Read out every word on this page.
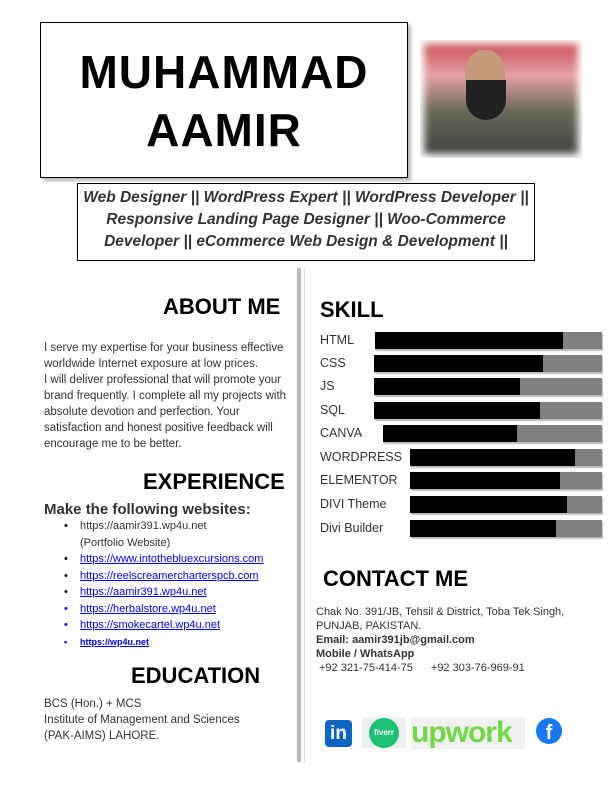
MUHAMMAD
AAMIR
Web Designer || WordPress Expert || WordPress Developer || Responsive Landing Page Designer || Woo-Commerce Developer || eCommerce Web Design & Development ||
ABOUT ME
I serve my expertise for your business effective worldwide Internet exposure at low prices.
I will deliver professional that will promote your brand frequently. I complete all my projects with absolute devotion and perfection. Your satisfaction and honest positive feedback will encourage me to be better.
EXPERIENCE
Make the following websites:
• https://aamir391.wp4u.net
(Portfolio Website)
• https://www.intothebluexcursions.com
• https://reelscreamercharterspcb.com
• https://aamir391.wp4u.net
• https://herbalstore.wp4u.net
• https://smokecartel.wp4u.net
• https://wp4u.net
EDUCATION
BCS (Hon.) + MCS
Institute of Management and Sciences
(PAK-AIMS) LAHORE.
SKILL
HTML
CSS
JS
SQL
CANVA
WORDPRESS
ELEMENTOR
DIVI Theme
Divi Builder
CONTACT ME
Chak No. 391/JB, Tehsil & District, Toba Tek Singh, PUNJAB, PAKISTAN.
Email: aamir391jb@gmail.com
Mobile / WhatsApp
+92 321-75-414-75 +92 303-76-969-91
in	fiverr upwork	f
